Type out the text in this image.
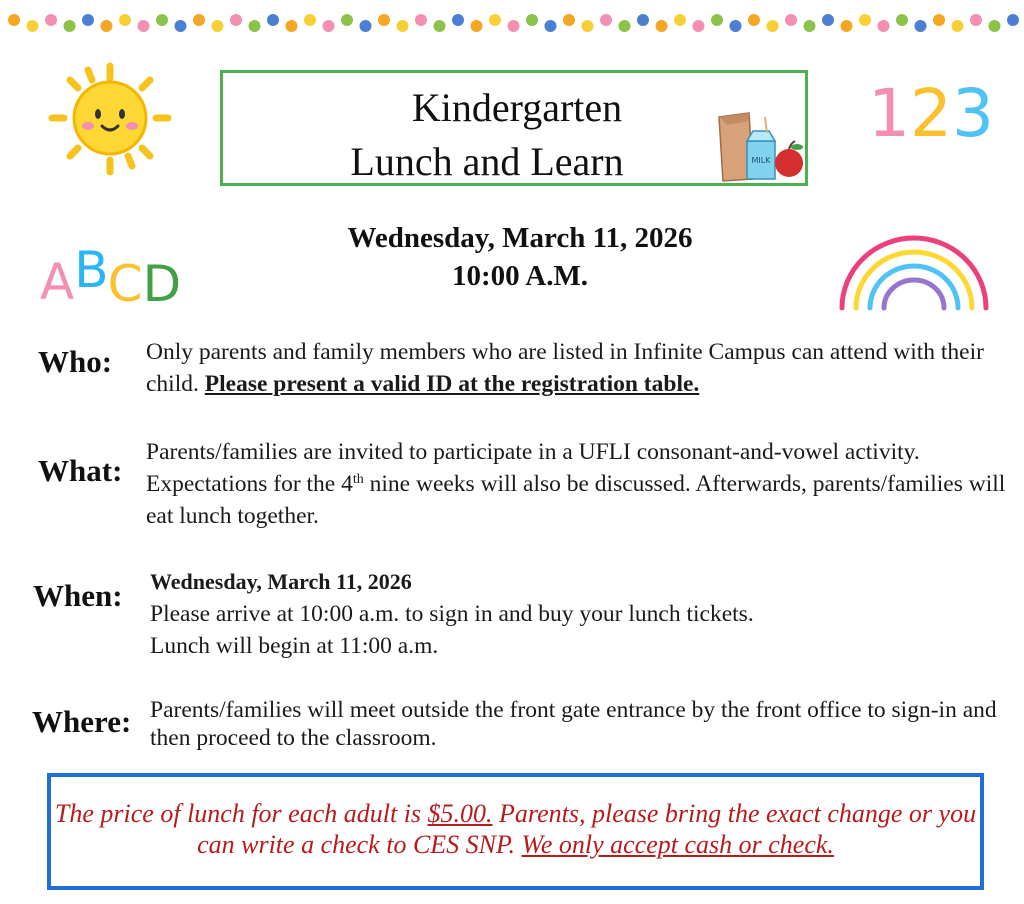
123
ABCD
Kindergarten
Lunch and Learn	MILK
Wednesday, March 11, 2026
10:00 A.M.
Who: Only parents and family members who are listed in Infinite Campus can attend with their child. Please present a valid ID at the registration table.
What:
Parents/families are invited to participate in a UFLI consonant-and-vowel activity. Expectations for the 4th nine weeks will also be discussed. Afterwards, parents/families will eat lunch together.
When: Wednesday, March 11, 2026
Please arrive at 10:00 a.m. to sign in and buy your lunch tickets.
Lunch will begin at 11:00 a.m.
Where: Parents/families will meet outside the front gate entrance by the front office to sign-in and then proceed to the classroom.
The price of lunch for each adult is $5.00. Parents, please bring the exact change or you can write a check to CES SNP. We only accept cash or check.
